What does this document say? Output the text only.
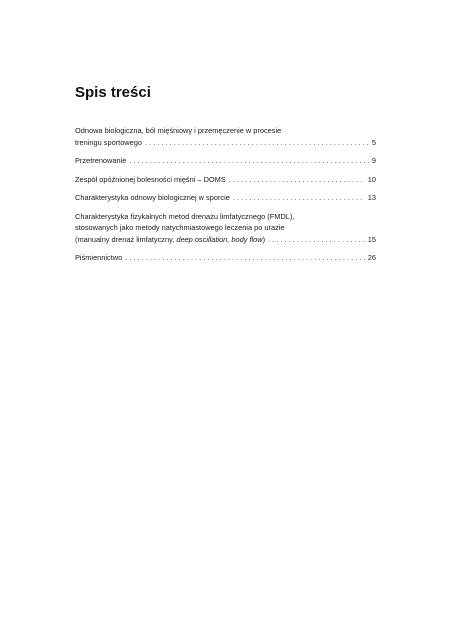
Spis treści
Odnowa biologiczna, ból mięśniowy i przemęczenie w procesie
treningu sportowego . . .	5
Przetrenowanie . . .	9
Zespół opóźnionej bolesności mięśni – DOMS . . .	10
Charakterystyka odnowy biologicznej w sporcie . . .	13
Charakterystyka fizykalnych metod drenażu limfatycznego (FMDL),
stosowanych jako metody natychmiastowego leczenia po urazie
(manualny drenaż limfatyczny, deep oscillation, body flow) . . .	15
Piśmiennictwo . . .	26
